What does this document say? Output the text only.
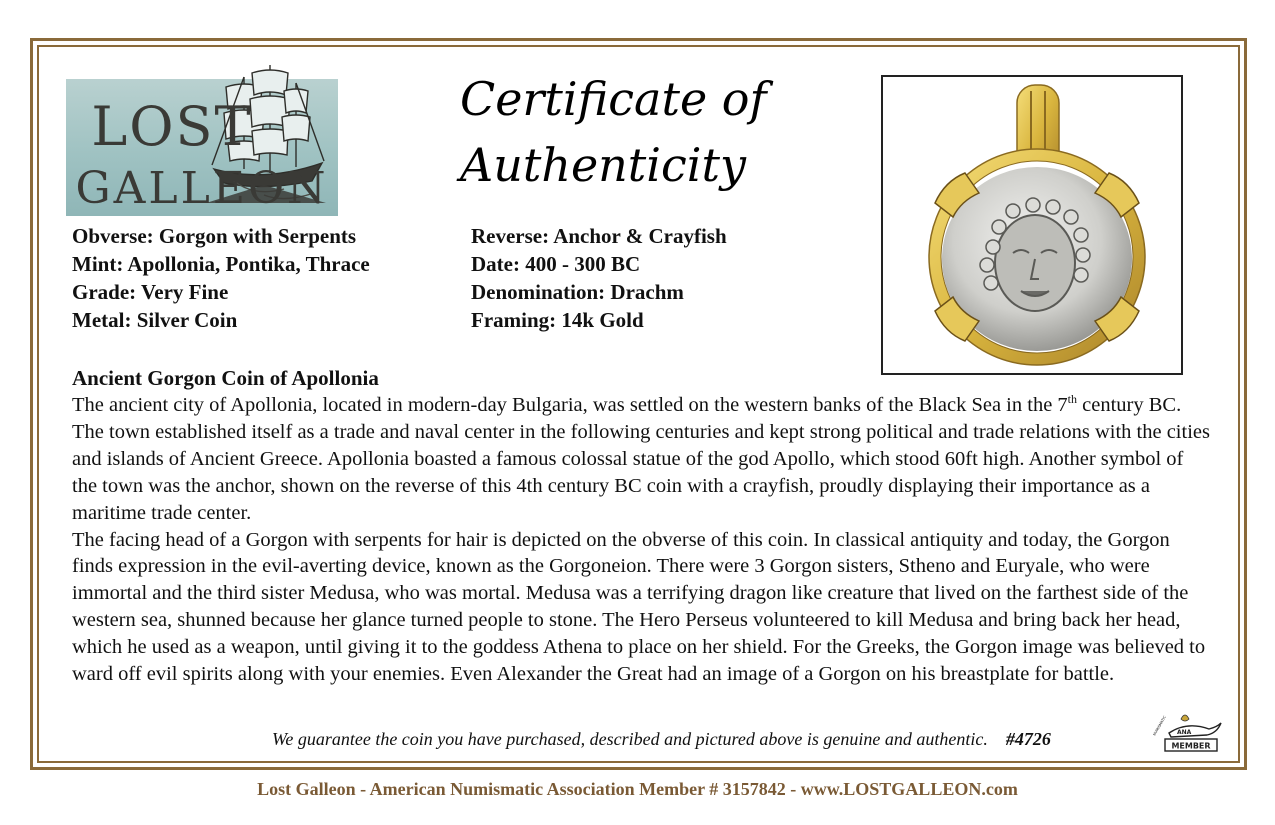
LOST
GALLEON
Certificate of
Authenticity
Obverse: Gorgon with Serpents
Mint: Apollonia, Pontika, Thrace
Grade: Very Fine
Metal: Silver Coin
Reverse: Anchor & Crayfish
Date: 400 - 300 BC
Denomination: Drachm
Framing: 14k Gold
Ancient Gorgon Coin of Apollonia

The ancient city of Apollonia, located in modern-day Bulgaria, was settled on the western banks of the Black Sea in the 7th century BC. The town established itself as a trade and naval center in the following centuries and kept strong political and trade relations with the cities and islands of Ancient Greece. Apollonia boasted a famous colossal statue of the god Apollo, which stood 60ft high. Another symbol of the town was the anchor, shown on the reverse of this 4th century BC coin with a crayfish, proudly displaying their importance as a maritime trade center.

The facing head of a Gorgon with serpents for hair is depicted on the obverse of this coin. In classical antiquity and today, the Gorgon finds expression in the evil-averting device, known as the Gorgoneion. There were 3 Gorgon sisters, Stheno and Euryale, who were immortal and the third sister Medusa, who was mortal. Medusa was a terrifying dragon like creature that lived on the farthest side of the western sea, shunned because her glance turned people to stone. The Hero Perseus volunteered to kill Medusa and bring back her head, which he used as a weapon, until giving it to the goddess Athena to place on her shield. For the Greeks, the Gorgon image was believed to ward off evil spirits along with your enemies. Even Alexander the Great had an image of a Gorgon on his breastplate for battle.

We guarantee the coin you have purchased, described and pictured above is genuine and authentic. #4726	ANA
NUMISMATIC
MEMBER
Lost Galleon - American Numismatic Association Member # 3157842 - www.LOSTGALLEON.com
